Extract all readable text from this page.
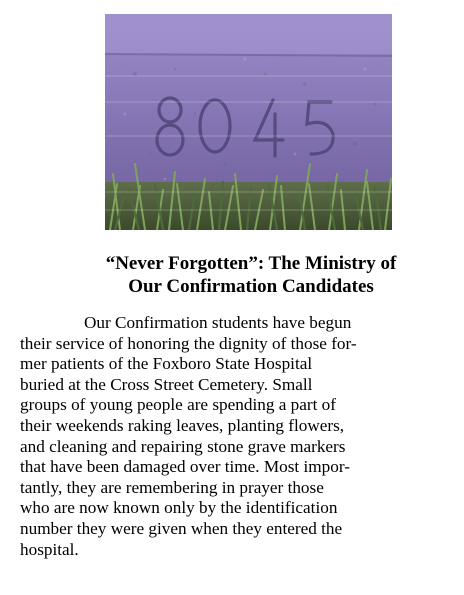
“Never Forgotten”: The Ministry of
Our Confirmation Candidates
Our Confirmation students have begun
their service of honoring the dignity of those for-
mer patients of the Foxboro State Hospital
buried at the Cross Street Cemetery. Small
groups of young people are spending a part of
their weekends raking leaves, planting flowers,
and cleaning and repairing stone grave markers
that have been damaged over time. Most impor-
tantly, they are remembering in prayer those
who are now known only by the identification
number they were given when they entered the
hospital.
